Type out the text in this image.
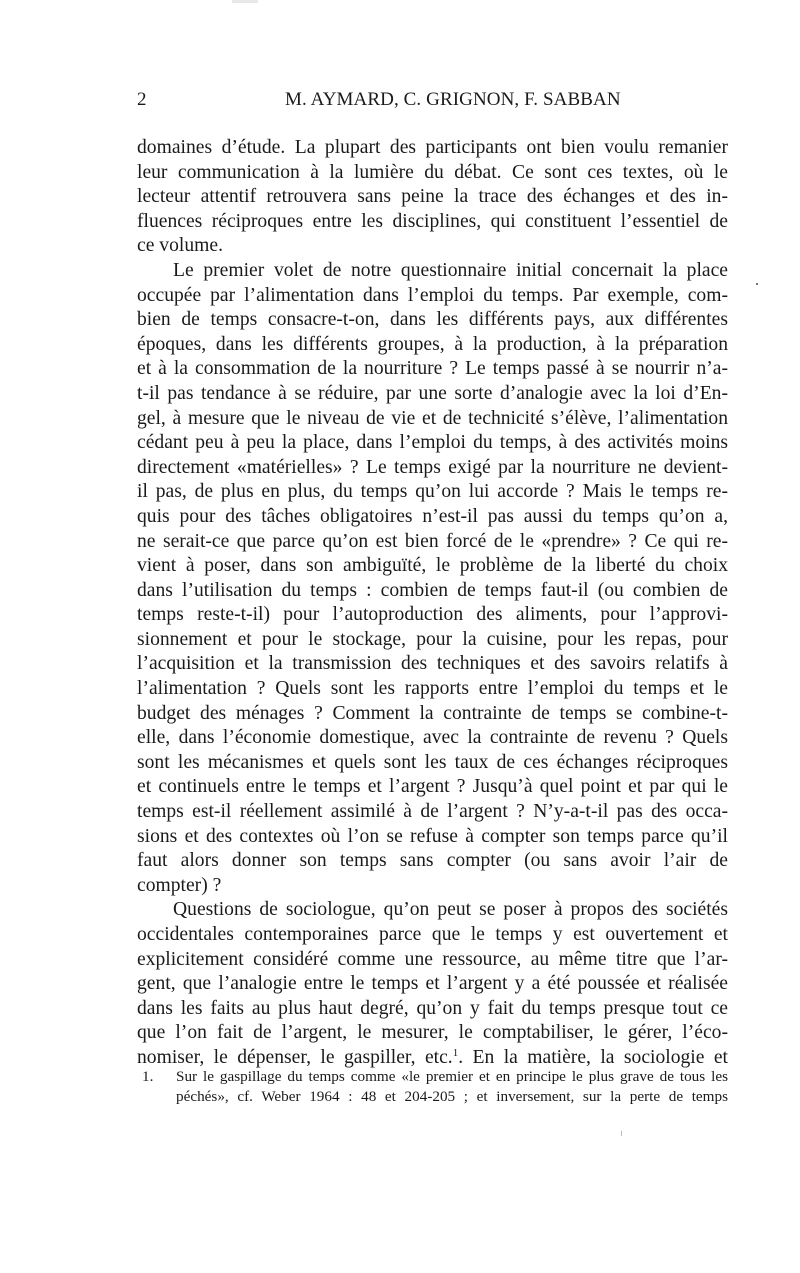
2	M. AYMARD, C. GRIGNON, F. SABBAN
domaines d’étude. La plupart des participants ont bien voulu remanier
leur communication à la lumière du débat. Ce sont ces textes, où le
lecteur attentif retrouvera sans peine la trace des échanges et des in-
fluences réciproques entre les disciplines, qui constituent l’essentiel de
ce volume.
Le premier volet de notre questionnaire initial concernait la place
occupée par l’alimentation dans l’emploi du temps. Par exemple, com-
bien de temps consacre-t-on, dans les différents pays, aux différentes
époques, dans les différents groupes, à la production, à la préparation
et à la consommation de la nourriture ? Le temps passé à se nourrir n’a-
t-il pas tendance à se réduire, par une sorte d’analogie avec la loi d’En-
gel, à mesure que le niveau de vie et de technicité s’élève, l’alimentation
cédant peu à peu la place, dans l’emploi du temps, à des activités moins
directement «matérielles» ? Le temps exigé par la nourriture ne devient-
il pas, de plus en plus, du temps qu’on lui accorde ? Mais le temps re-
quis pour des tâches obligatoires n’est-il pas aussi du temps qu’on a,
ne serait-ce que parce qu’on est bien forcé de le «prendre» ? Ce qui re-
vient à poser, dans son ambiguïté, le problème de la liberté du choix
dans l’utilisation du temps : combien de temps faut-il (ou combien de
temps reste-t-il) pour l’autoproduction des aliments, pour l’approvi-
sionnement et pour le stockage, pour la cuisine, pour les repas, pour
l’acquisition et la transmission des techniques et des savoirs relatifs à
l’alimentation ? Quels sont les rapports entre l’emploi du temps et le
budget des ménages ? Comment la contrainte de temps se combine-t-
elle, dans l’économie domestique, avec la contrainte de revenu ? Quels
sont les mécanismes et quels sont les taux de ces échanges réciproques
et continuels entre le temps et l’argent ? Jusqu’à quel point et par qui le
temps est-il réellement assimilé à de l’argent ? N’y-a-t-il pas des occa-
sions et des contextes où l’on se refuse à compter son temps parce qu’il
faut alors donner son temps sans compter (ou sans avoir l’air de
compter) ?
Questions de sociologue, qu’on peut se poser à propos des sociétés
occidentales contemporaines parce que le temps y est ouvertement et
explicitement considéré comme une ressource, au même titre que l’ar-
gent, que l’analogie entre le temps et l’argent y a été poussée et réalisée
dans les faits au plus haut degré, qu’on y fait du temps presque tout ce
que l’on fait de l’argent, le mesurer, le comptabiliser, le gérer, l’éco-
nomiser, le dépenser, le gaspiller, etc.$^1$. En la matière, la sociologie et
1. Sur le gaspillage du temps comme «le premier et en principe le plus grave de tous les
péchés», cf. Weber 1964 : 48 et 204-205 ; et inversement, sur la perte de temps
